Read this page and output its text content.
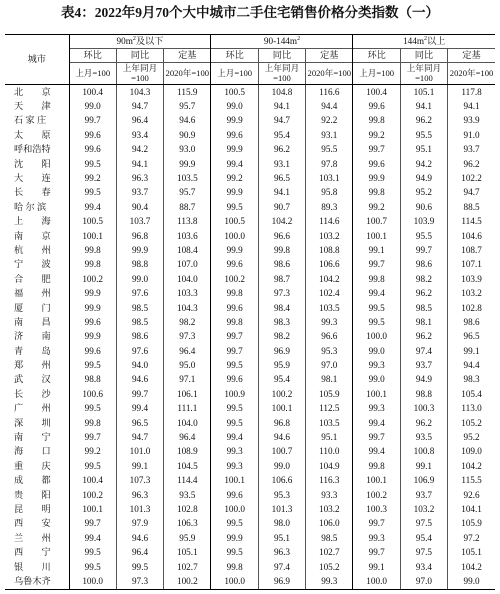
表4：2022年9月70个大中城市二手住宅销售价格分类指数（一）
城市	$90m^2$及以下			$90-144m^2$			$144m^2$以上		
	环比	同比	定基	环比	同比	定基	环比	同比	定基
	上月=100	上年同月=100	2020年=100	上月=100	上年同月=100	2020年=100	上月=100	上年同月=100	2020年=100
北　　京	100.4	104.3	115.9	100.5	104.8	116.6	100.4	105.1	117.8
天　　津	99.0	94.7	95.7	99.0	94.1	94.4	99.6	94.1	94.1
石 家 庄	99.7	96.4	94.6	99.9	94.7	92.2	99.8	96.2	93.9
太　　原	99.6	93.4	90.9	99.6	95.4	93.1	99.2	95.5	91.0
呼和浩特	99.6	94.2	93.0	99.9	96.2	95.5	99.7	95.1	93.7
沈　　阳	99.5	94.1	99.9	99.4	93.1	97.8	99.6	94.2	96.2
大　　连	99.2	96.3	103.5	99.2	96.5	103.1	99.9	94.9	102.2
长　　春	99.5	93.7	95.7	99.9	94.1	95.8	99.8	95.2	94.7
哈 尔 滨	99.4	90.4	88.7	99.5	90.7	89.3	99.2	90.6	88.5
上　　海	100.5	103.7	113.8	100.5	104.2	114.6	100.7	103.9	114.5
南　　京	100.1	96.8	103.6	100.0	96.6	103.2	100.1	95.5	104.6
杭　　州	99.8	99.9	108.4	99.9	99.8	108.8	99.1	99.7	108.7
宁　　波	99.8	98.8	107.0	99.6	98.6	106.6	99.7	98.6	107.1
合　　肥	100.2	99.0	104.0	100.2	98.7	104.2	99.8	98.2	103.9
福　　州	99.9	97.6	103.3	99.8	97.3	102.4	99.4	96.2	103.2
厦　　门	99.9	98.5	104.3	99.6	98.4	103.5	99.5	98.5	102.8
南　　昌	99.6	98.5	98.2	99.8	98.3	99.3	99.5	98.1	98.6
济　　南	99.9	98.6	97.3	99.7	98.2	96.6	100.0	96.2	96.5
青　　岛	99.6	97.6	96.4	99.7	96.9	95.3	99.0	97.4	99.1
郑　　州	99.5	94.0	95.0	99.5	95.9	97.0	99.3	93.7	94.4
武　　汉	98.8	94.6	97.1	99.6	95.4	98.1	99.0	94.9	98.3
长　　沙	100.6	99.7	106.1	100.9	100.2	105.9	100.1	98.8	105.4
广　　州	99.5	99.4	111.1	99.5	100.1	112.5	99.3	100.3	113.0
深　　圳	99.8	96.5	104.0	99.5	96.8	103.5	99.4	96.2	105.2
南　　宁	99.7	94.7	96.4	99.4	94.6	95.1	99.7	93.5	95.2
海　　口	99.2	101.0	108.9	99.3	100.7	110.0	99.4	100.8	109.0
重　　庆	99.5	99.1	104.5	99.3	99.0	104.9	99.8	99.1	104.2
成　　都	100.4	107.3	114.4	100.1	106.6	116.3	100.1	106.9	115.5
贵　　阳	100.2	96.3	93.5	99.6	95.3	93.3	100.2	93.7	92.6
昆　　明	100.1	101.3	102.8	100.0	101.3	103.2	100.3	103.2	104.1
西　　安	99.7	97.9	106.3	99.5	98.0	106.0	99.7	97.5	105.9
兰　　州	99.4	94.6	95.9	99.9	95.1	98.5	99.3	95.4	97.2
西　　宁	99.5	96.4	105.1	99.5	96.3	102.7	99.7	97.5	105.1
银　　川	99.5	99.5	102.7	99.8	97.4	105.2	99.1	93.4	104.2
乌鲁木齐	100.0	97.3	100.2	100.0	96.9	99.3	100.0	97.0	99.0
